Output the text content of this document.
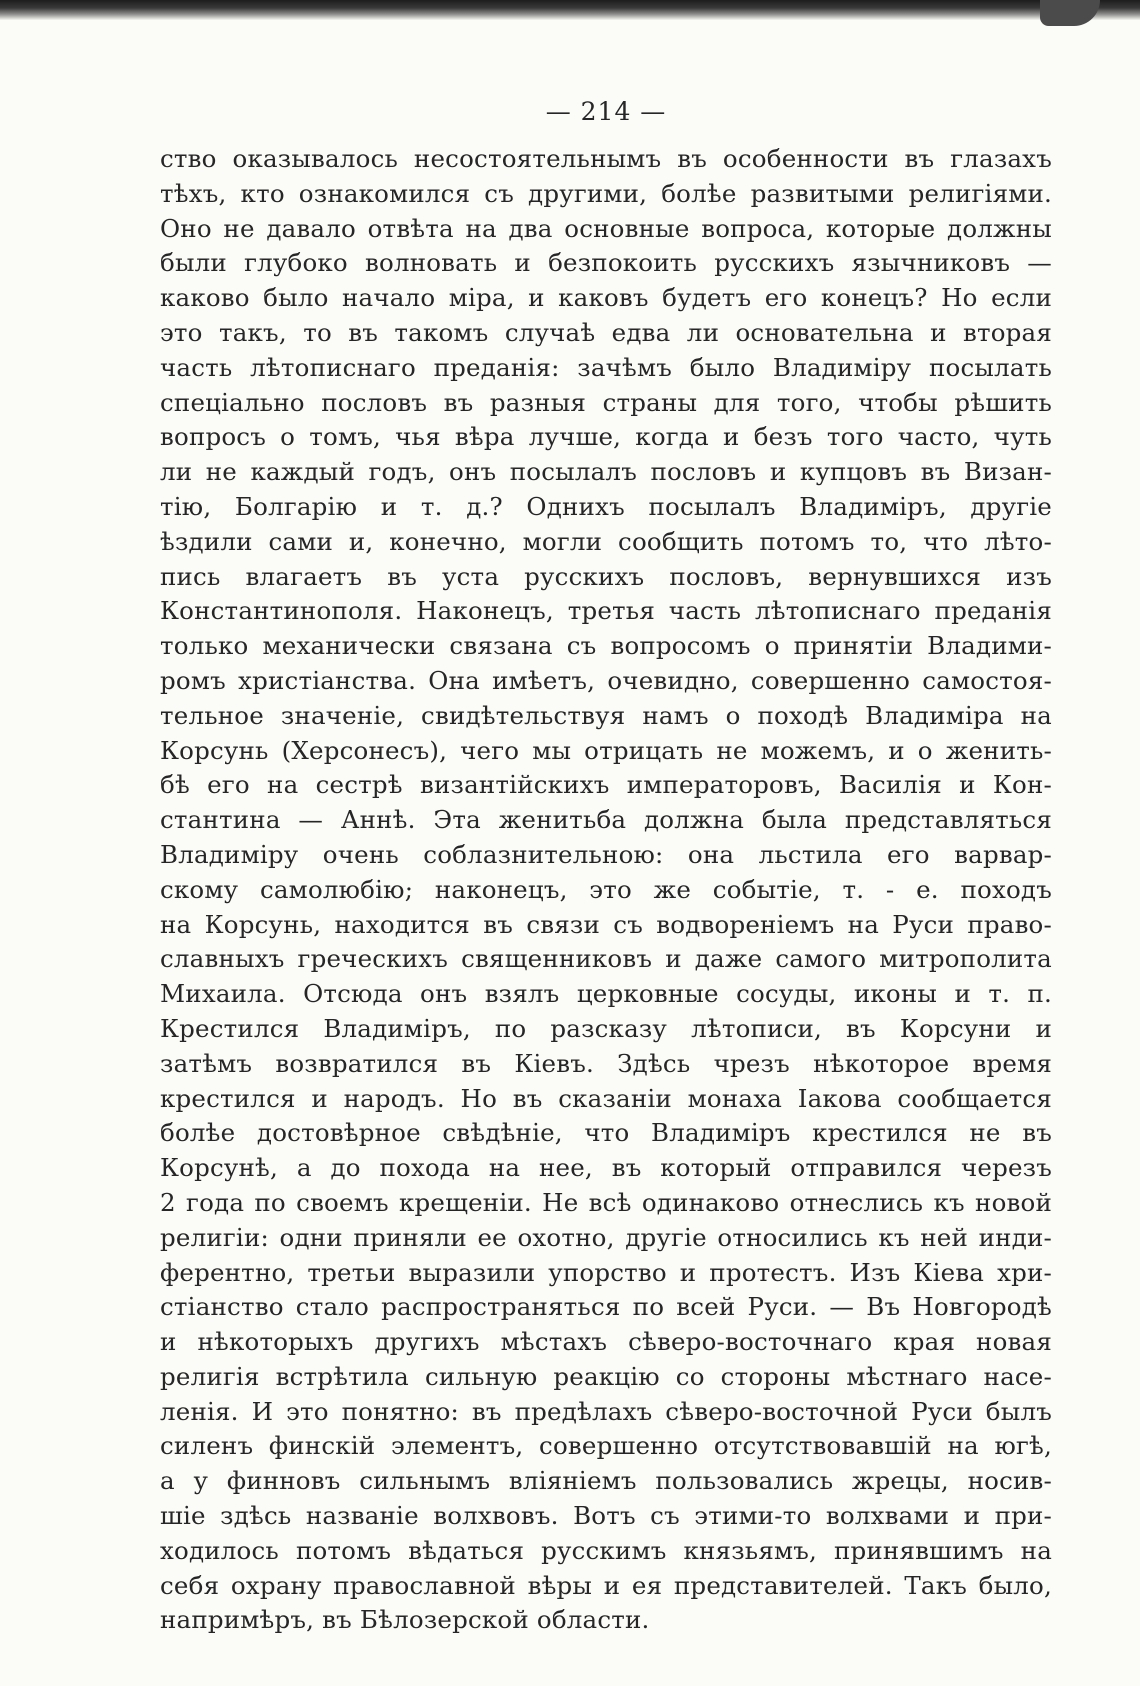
— 214 —
ство оказывалось несостоятельнымъ въ особенности въ глазахъ
тѣхъ, кто ознакомился съ другими, болѣе развитыми религіями.
Оно не давало отвѣта на два основные вопроса, которые должны
были глубоко волновать и безпокоить русскихъ язычниковъ —
каково было начало міра, и каковъ будетъ его конецъ? Но если
это такъ, то въ такомъ случаѣ едва ли основательна и вторая
часть лѣтописнаго преданія: зачѣмъ было Владиміру посылать
спеціально пословъ въ разныя страны для того, чтобы рѣшить
вопросъ о томъ, чья вѣра лучше, когда и безъ того часто, чуть
ли не каждый годъ, онъ посылалъ пословъ и купцовъ въ Визан-
тію, Болгарію и т. д.? Однихъ посылалъ Владиміръ, другіе
ѣздили сами и, конечно, могли сообщить потомъ то, что лѣто-
пись влагаетъ въ уста русскихъ пословъ, вернувшихся изъ
Константинополя. Наконецъ, третья часть лѣтописнаго преданія
только механически связана съ вопросомъ о принятіи Владими-
ромъ христіанства. Она имѣетъ, очевидно, совершенно самостоя-
тельное значеніе, свидѣтельствуя намъ о походѣ Владиміра на
Корсунь (Херсонесъ), чего мы отрицать не можемъ, и о женить-
бѣ его на сестрѣ византійскихъ императоровъ, Василія и Кон-
стантина — Аннѣ. Эта женитьба должна была представляться
Владиміру очень соблазнительною: она льстила его варвар-
скому самолюбію; наконецъ, это же событіе, т. - е. походъ
на Корсунь, находится въ связи съ водвореніемъ на Руси право-
славныхъ греческихъ священниковъ и даже самого митрополита
Михаила. Отсюда онъ взялъ церковные сосуды, иконы и т. п.
Крестился Владиміръ, по разсказу лѣтописи, въ Корсуни и
затѣмъ возвратился въ Кіевъ. Здѣсь чрезъ нѣкоторое время
крестился и народъ. Но въ сказаніи монаха Іакова сообщается
болѣе достовѣрное свѣдѣніе, что Владиміръ крестился не въ
Корсунѣ, а до похода на нее, въ который отправился черезъ
2 года по своемъ крещеніи. Не всѣ одинаково отнеслись къ новой
религіи: одни приняли ее охотно, другіе относились къ ней инди-
ферентно, третьи выразили упорство и протестъ. Изъ Кіева хри-
стіанство стало распространяться по всей Руси. — Въ Новгородѣ
и нѣкоторыхъ другихъ мѣстахъ сѣверо-восточнаго края новая
религія встрѣтила сильную реакцію со стороны мѣстнаго насе-
ленія. И это понятно: въ предѣлахъ сѣверо-восточной Руси былъ
силенъ финскій элементъ, совершенно отсутствовавшій на югѣ,
а у финновъ сильнымъ вліяніемъ пользовались жрецы, носив-
шіе здѣсь названіе волхвовъ. Вотъ съ этими-то волхвами и при-
ходилось потомъ вѣдаться русскимъ князьямъ, принявшимъ на
себя охрану православной вѣры и ея представителей. Такъ было,
напримѣръ, въ Бѣлозерской области.
